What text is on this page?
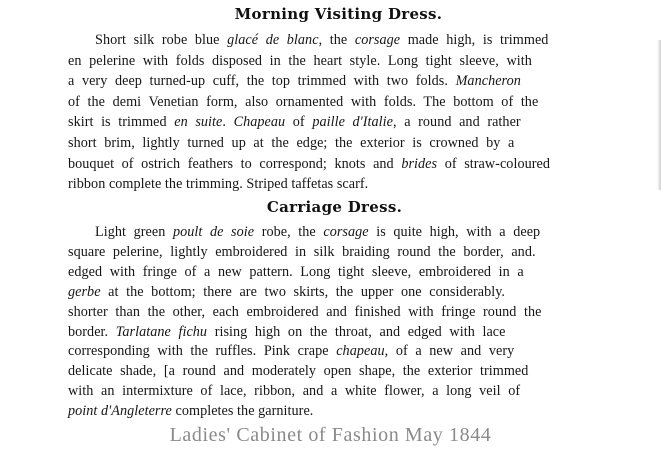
Morning Visiting Dress.
Short silk robe blue glacé de blanc, the corsage made high, is trimmed
en pelerine with folds disposed in the heart style. Long tight sleeve, with
a very deep turned-up cuff, the top trimmed with two folds. Mancheron
of the demi Venetian form, also ornamented with folds. The bottom of the
skirt is trimmed en suite. Chapeau of paille d'Italie, a round and rather
short brim, lightly turned up at the edge; the exterior is crowned by a
bouquet of ostrich feathers to correspond; knots and brides of straw-coloured
ribbon complete the trimming. Striped taffetas scarf.
Carriage Dress.
Light green poult de soie robe, the corsage is quite high, with a deep
square pelerine, lightly embroidered in silk braiding round the border, and.
edged with fringe of a new pattern. Long tight sleeve, embroidered in a
gerbe at the bottom; there are two skirts, the upper one considerably.
shorter than the other, each embroidered and finished with fringe round the
border. Tarlatane fichu rising high on the throat, and edged with lace
corresponding with the ruffles. Pink crape chapeau, of a new and very
delicate shade, [a round and moderately open shape, the exterior trimmed
with an intermixture of lace, ribbon, and a white flower, a long veil of
point d'Angleterre completes the garniture.
Ladies' Cabinet of Fashion May 1844
